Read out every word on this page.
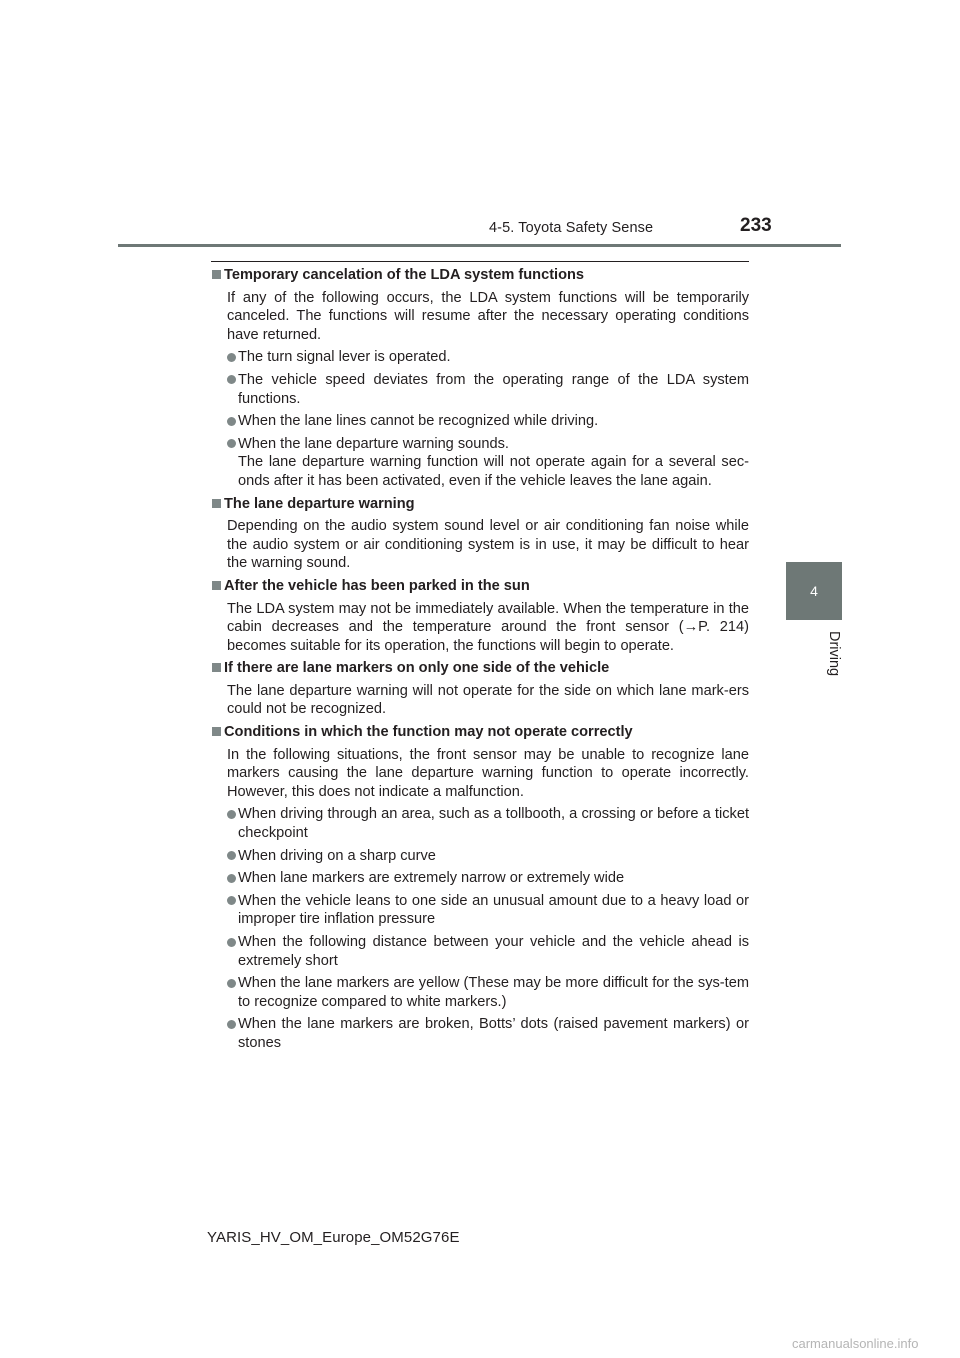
4-5. Toyota Safety Sense	233
4
Driving
Temporary cancelation of the LDA system functions
If any of the following occurs, the LDA system functions will be temporarily canceled. The functions will resume after the necessary operating conditions have returned.
The turn signal lever is operated.
The vehicle speed deviates from the operating range of the LDA system functions.
When the lane lines cannot be recognized while driving.
When the lane departure warning sounds.
The lane departure warning function will not operate again for a several sec-onds after it has been activated, even if the vehicle leaves the lane again.
The lane departure warning
Depending on the audio system sound level or air conditioning fan noise while the audio system or air conditioning system is in use, it may be difficult to hear the warning sound.
After the vehicle has been parked in the sun
The LDA system may not be immediately available. When the temperature in the cabin decreases and the temperature around the front sensor (→P. 214) becomes suitable for its operation, the functions will begin to operate.
If there are lane markers on only one side of the vehicle
The lane departure warning will not operate for the side on which lane mark-ers could not be recognized.
Conditions in which the function may not operate correctly
In the following situations, the front sensor may be unable to recognize lane markers causing the lane departure warning function to operate incorrectly. However, this does not indicate a malfunction.
When driving through an area, such as a tollbooth, a crossing or before a ticket checkpoint
When driving on a sharp curve
When lane markers are extremely narrow or extremely wide
When the vehicle leans to one side an unusual amount due to a heavy load or improper tire inflation pressure
When the following distance between your vehicle and the vehicle ahead is extremely short
When the lane markers are yellow (These may be more difficult for the sys-tem to recognize compared to white markers.)
When the lane markers are broken, Botts’ dots (raised pavement markers) or stones
YARIS_HV_OM_Europe_OM52G76E
carmanualsonline.info
